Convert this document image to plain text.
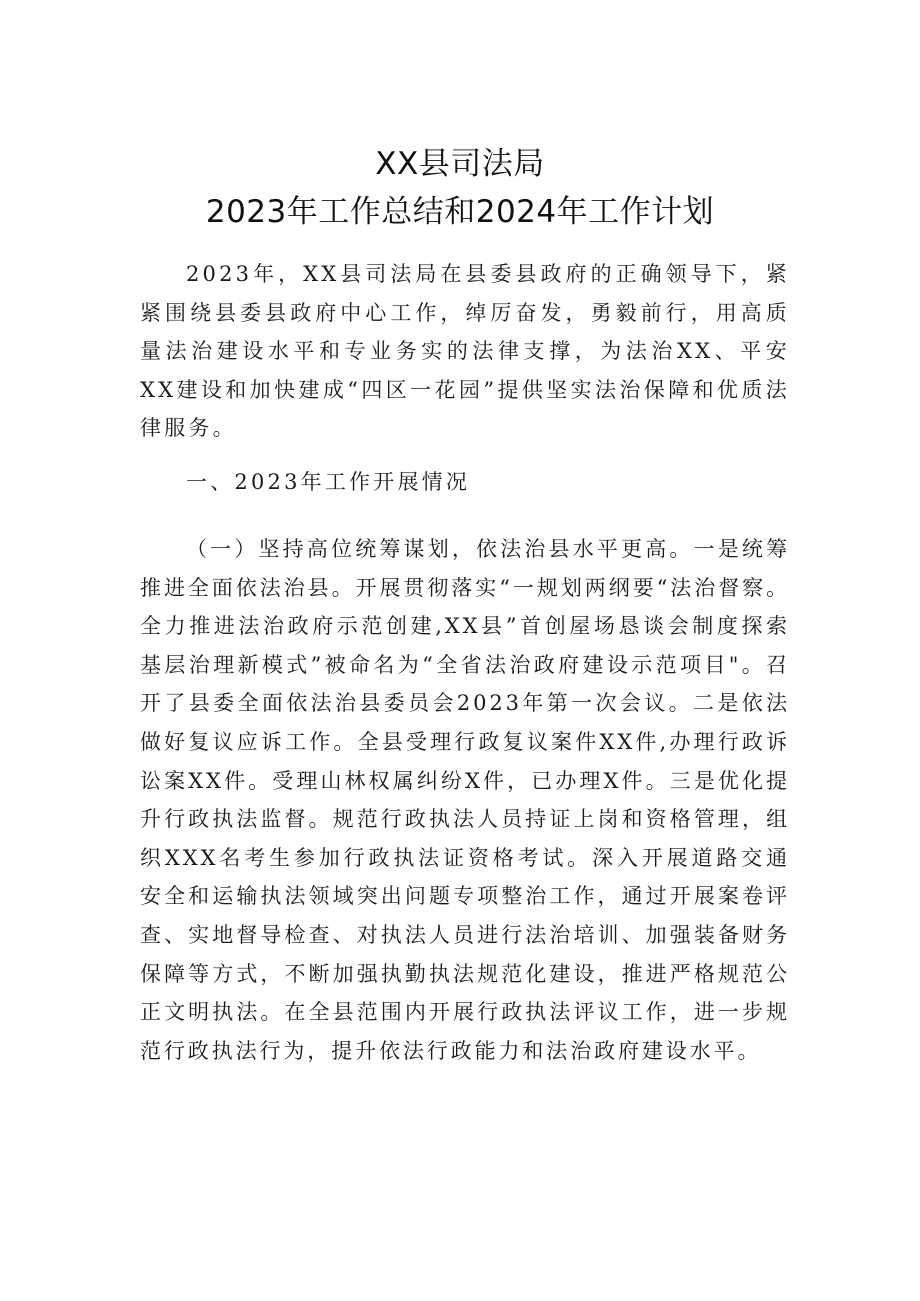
XX县司法局
2023年工作总结和2024年工作计划

2023年，XX县司法局在县委县政府的正确领导下，紧紧围绕县委县政府中心工作，绰厉奋发，勇毅前行，用高质量法治建设水平和专业务实的法律支撑，为法治XX、平安XX建设和加快建成“四区一花园”提供坚实法治保障和优质法律服务。

一、2023年工作开展情况

（一）坚持高位统筹谋划，依法治县水平更高。一是统筹推进全面依法治县。开展贯彻落实“一规划两纲要“法治督察。全力推进法治政府示范创建,XX县”首创屋场恳谈会制度探索基层治理新模式”被命名为“全省法治政府建设示范项目"。召开了县委全面依法治县委员会2023年第一次会议。二是依法做好复议应诉工作。全县受理行政复议案件XX件,办理行政诉讼案XX件。受理山林权属纠纷X件，已办理X件。三是优化提升行政执法监督。规范行政执法人员持证上岗和资格管理，组织XXX名考生参加行政执法证资格考试。深入开展道路交通安全和运输执法领域突出问题专项整治工作，通过开展案卷评查、实地督导检查、对执法人员进行法治培训、加强装备财务保障等方式，不断加强执勤执法规范化建设，推进严格规范公正文明执法。在全县范围内开展行政执法评议工作，进一步规范行政执法行为，提升依法行政能力和法治政府建设水平。
